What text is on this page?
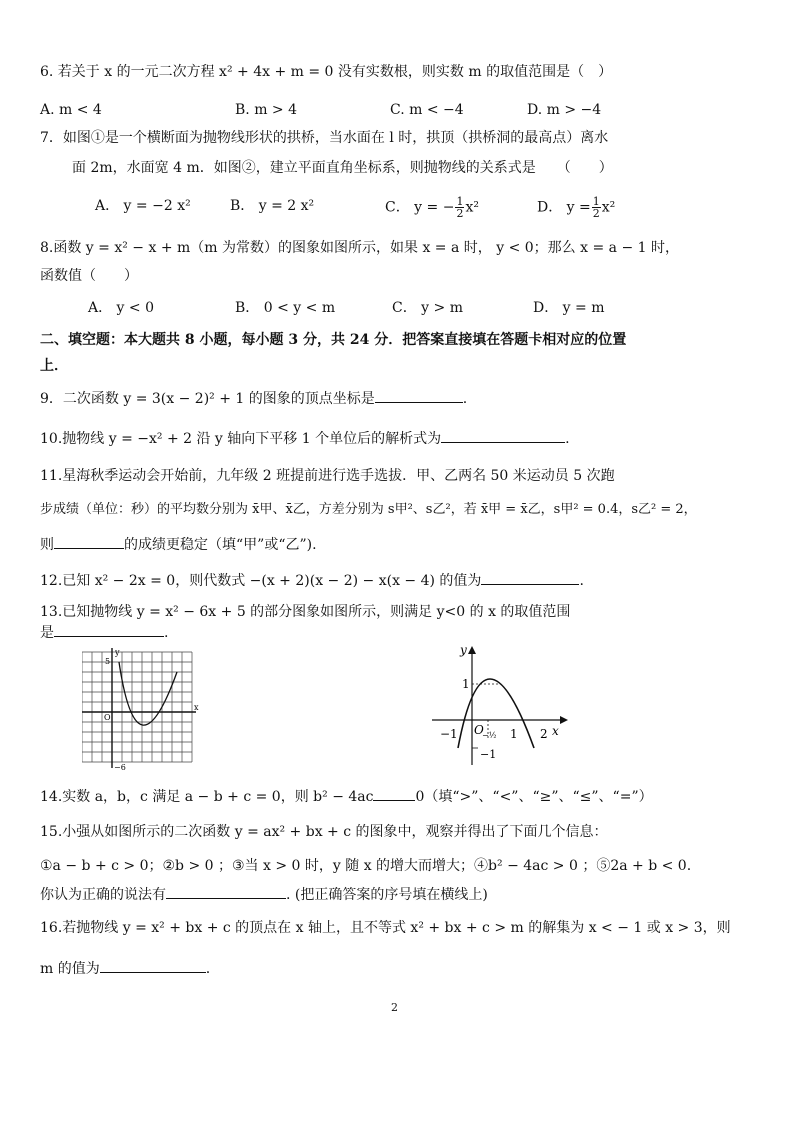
6. 若关于 x 的一元二次方程 x² + 4x + m = 0 没有实数根，则实数 m 的取值范围是（　）
A. m < 4	B. m > 4	C. m < −4	D. m > −4
7．如图①是一个横断面为抛物线形状的拱桥，当水面在 l 时，拱顶（拱桥洞的最高点）离水
面 2m，水面宽 4 m．如图②，建立平面直角坐标系，则抛物线的关系式是　　（　　）
A． y = −2 x²	B． y = 2 x²	C． y = − $\frac{1}{2} x^2$	D． $y = \frac{1}{2} x^2$
8.函数 y = x² − x + m（m 为常数）的图象如图所示，如果 x = a 时， y < 0；那么 x = a − 1 时，
函数值（　　）
A． y < 0	B． 0 < y < m	C． y > m	D． y = m
二、填空题：本大题共 8 小题，每小题 3 分，共 24 分．把答案直接填在答题卡相对应的位置
上．
9．二次函数 y = 3(x − 2)² + 1 的图象的顶点坐标是	.
10.抛物线 y = −x² + 2 沿 y 轴向下平移 1 个单位后的解析式为	.
11.星海秋季运动会开始前，九年级 2 班提前进行选手选拔．甲、乙两名 50 米运动员 5 次跑
步成绩（单位：秒）的平均数分别为 x̄甲、x̄乙，方差分别为 s甲²、s乙²，若 x̄甲 = x̄乙，s甲² = 0.4，s乙² = 2，
则	的成绩更稳定（填“甲”或“乙”).
12.已知 x² − 2x = 0，则代数式 −(x + 2)(x − 2) − x(x − 4) 的值为	.
13.已知抛物线 y = x² − 6x + 5 的部分图象如图所示，则满足 y<0 的 x 的取值范围
是	.
y
x
5
−6
O
y
x
O
1
−1
−1	−½ 1 2
14.实数 a，b，c 满足 a − b + c = 0，则 b² − 4ac	0（填“>”、“<”、“≥”、“≤”、“=”）
15.小强从如图所示的二次函数 y = ax² + bx + c 的图象中，观察并得出了下面几个信息：
①a − b + c > 0；②b > 0 ；③当 x > 0 时，y 随 x 的增大而增大；④b² − 4ac > 0 ；⑤2a + b < 0.
你认为正确的说法有	. (把正确答案的序号填在横线上)
16.若抛物线 y = x² + bx + c 的顶点在 x 轴上，且不等式 x² + bx + c > m 的解集为 x < − 1 或 x > 3，则
m 的值为	.
2
